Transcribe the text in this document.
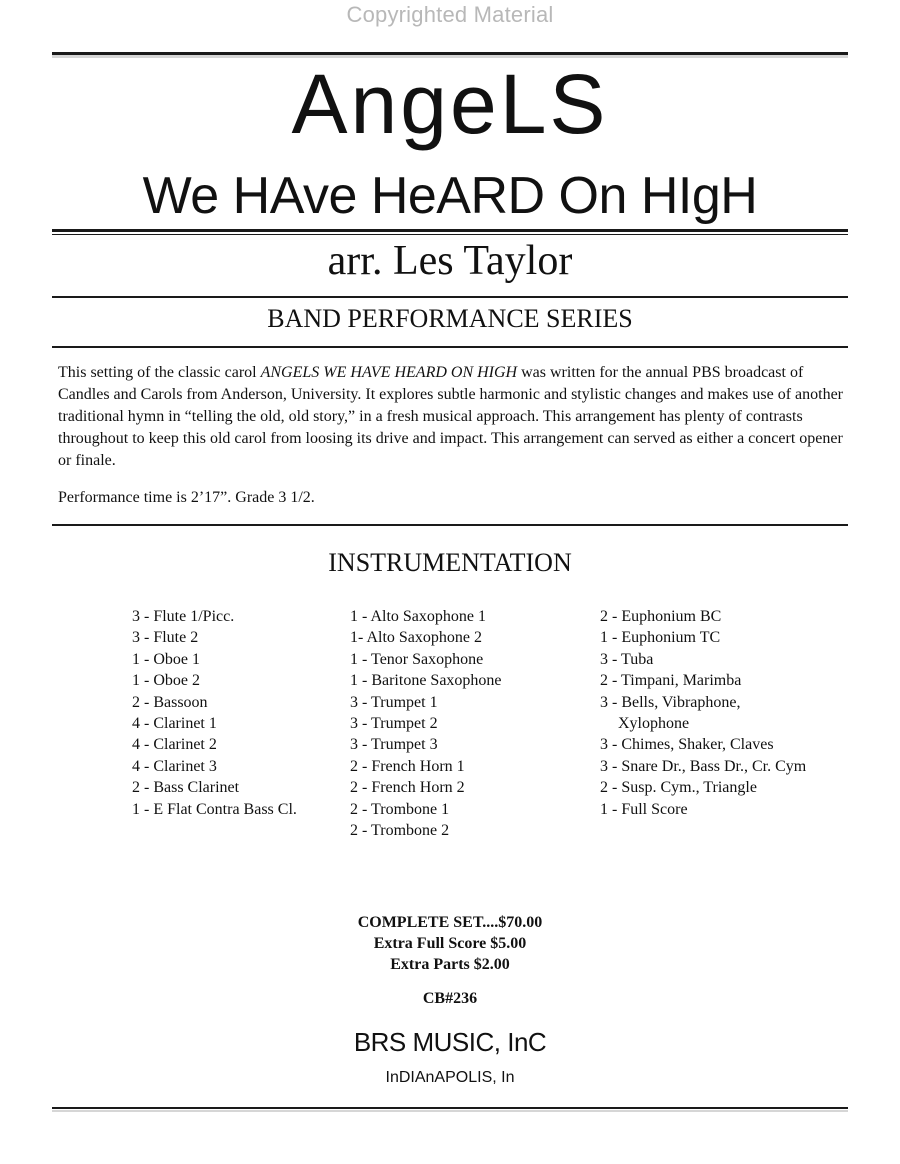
Copyrighted Material
AngeLS
We HAve HeARD On HIgH
arr. Les Taylor
BAND PERFORMANCE SERIES
This setting of the classic carol ANGELS WE HAVE HEARD ON HIGH was written for the annual PBS broadcast of Candles and Carols from Anderson, University. It explores subtle harmonic and stylistic changes and makes use of another traditional hymn in “telling the old, old story,” in a fresh musical approach. This arrangement has plenty of contrasts throughout to keep this old carol from loosing its drive and impact. This arrangement can served as either a concert opener or finale.
Performance time is 2’17”. Grade 3 1/2.
INSTRUMENTATION
3 - Flute 1/Picc.
3 - Flute 2
1 - Oboe 1
1 - Oboe 2
2 - Bassoon
4 - Clarinet 1
4 - Clarinet 2
4 - Clarinet 3
2 - Bass Clarinet
1 - E Flat Contra Bass Cl.
1 - Alto Saxophone 1
1- Alto Saxophone 2
1 - Tenor Saxophone
1 - Baritone Saxophone
3 - Trumpet 1
3 - Trumpet 2
3 - Trumpet 3
2 - French Horn 1
2 - French Horn 2
2 - Trombone 1
2 - Trombone 2
2 - Euphonium BC
1 - Euphonium TC
3 - Tuba
2 - Timpani, Marimba
3 - Bells, Vibraphone,
Xylophone
3 - Chimes, Shaker, Claves
3 - Snare Dr., Bass Dr., Cr. Cym
2 - Susp. Cym., Triangle
1 - Full Score
COMPLETE SET....$70.00
Extra Full Score $5.00
Extra Parts $2.00
CB#236
BRS MUSIC, InC
InDIAnAPOLIS, In
